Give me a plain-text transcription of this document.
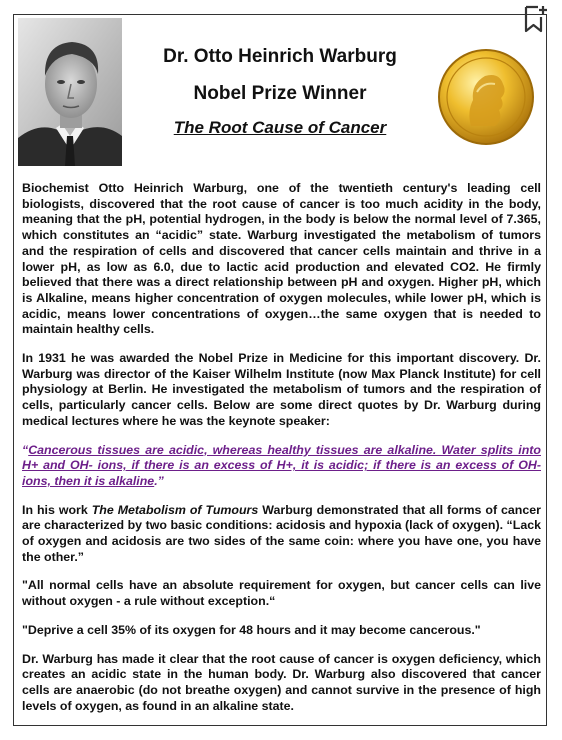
Dr. Otto Heinrich Warburg

Nobel Prize Winner

The Root Cause of Cancer

Biochemist Otto Heinrich Warburg, one of the twentieth century's leading cell biologists, discovered that the root cause of cancer is too much acidity in the body, meaning that the pH, potential hydrogen, in the body is below the normal level of 7.365, which constitutes an “acidic” state. Warburg investigated the metabolism of tumors and the respiration of cells and discovered that cancer cells maintain and thrive in a lower pH, as low as 6.0, due to lactic acid production and elevated CO2. He firmly believed that there was a direct relationship between pH and oxygen. Higher pH, which is Alkaline, means higher concentration of oxygen molecules, while lower pH, which is acidic, means lower concentrations of oxygen…the same oxygen that is needed to maintain healthy cells.

In 1931 he was awarded the Nobel Prize in Medicine for this important discovery. Dr. Warburg was director of the Kaiser Wilhelm Institute (now Max Planck Institute) for cell physiology at Berlin. He investigated the metabolism of tumors and the respiration of cells, particularly cancer cells. Below are some direct quotes by Dr. Warburg during medical lectures where he was the keynote speaker:

“Cancerous tissues are acidic, whereas healthy tissues are alkaline. Water splits into H+ and OH- ions, if there is an excess of H+, it is acidic; if there is an excess of OH- ions, then it is alkaline.”

In his work The Metabolism of Tumours Warburg demonstrated that all forms of cancer are characterized by two basic conditions: acidosis and hypoxia (lack of oxygen). “Lack of oxygen and acidosis are two sides of the same coin: where you have one, you have the other.”

"All normal cells have an absolute requirement for oxygen, but cancer cells can live without oxygen - a rule without exception.“

"Deprive a cell 35% of its oxygen for 48 hours and it may become cancerous."

Dr. Warburg has made it clear that the root cause of cancer is oxygen deficiency, which creates an acidic state in the human body. Dr. Warburg also discovered that cancer cells are anaerobic (do not breathe oxygen) and cannot survive in the presence of high levels of oxygen, as found in an alkaline state.
